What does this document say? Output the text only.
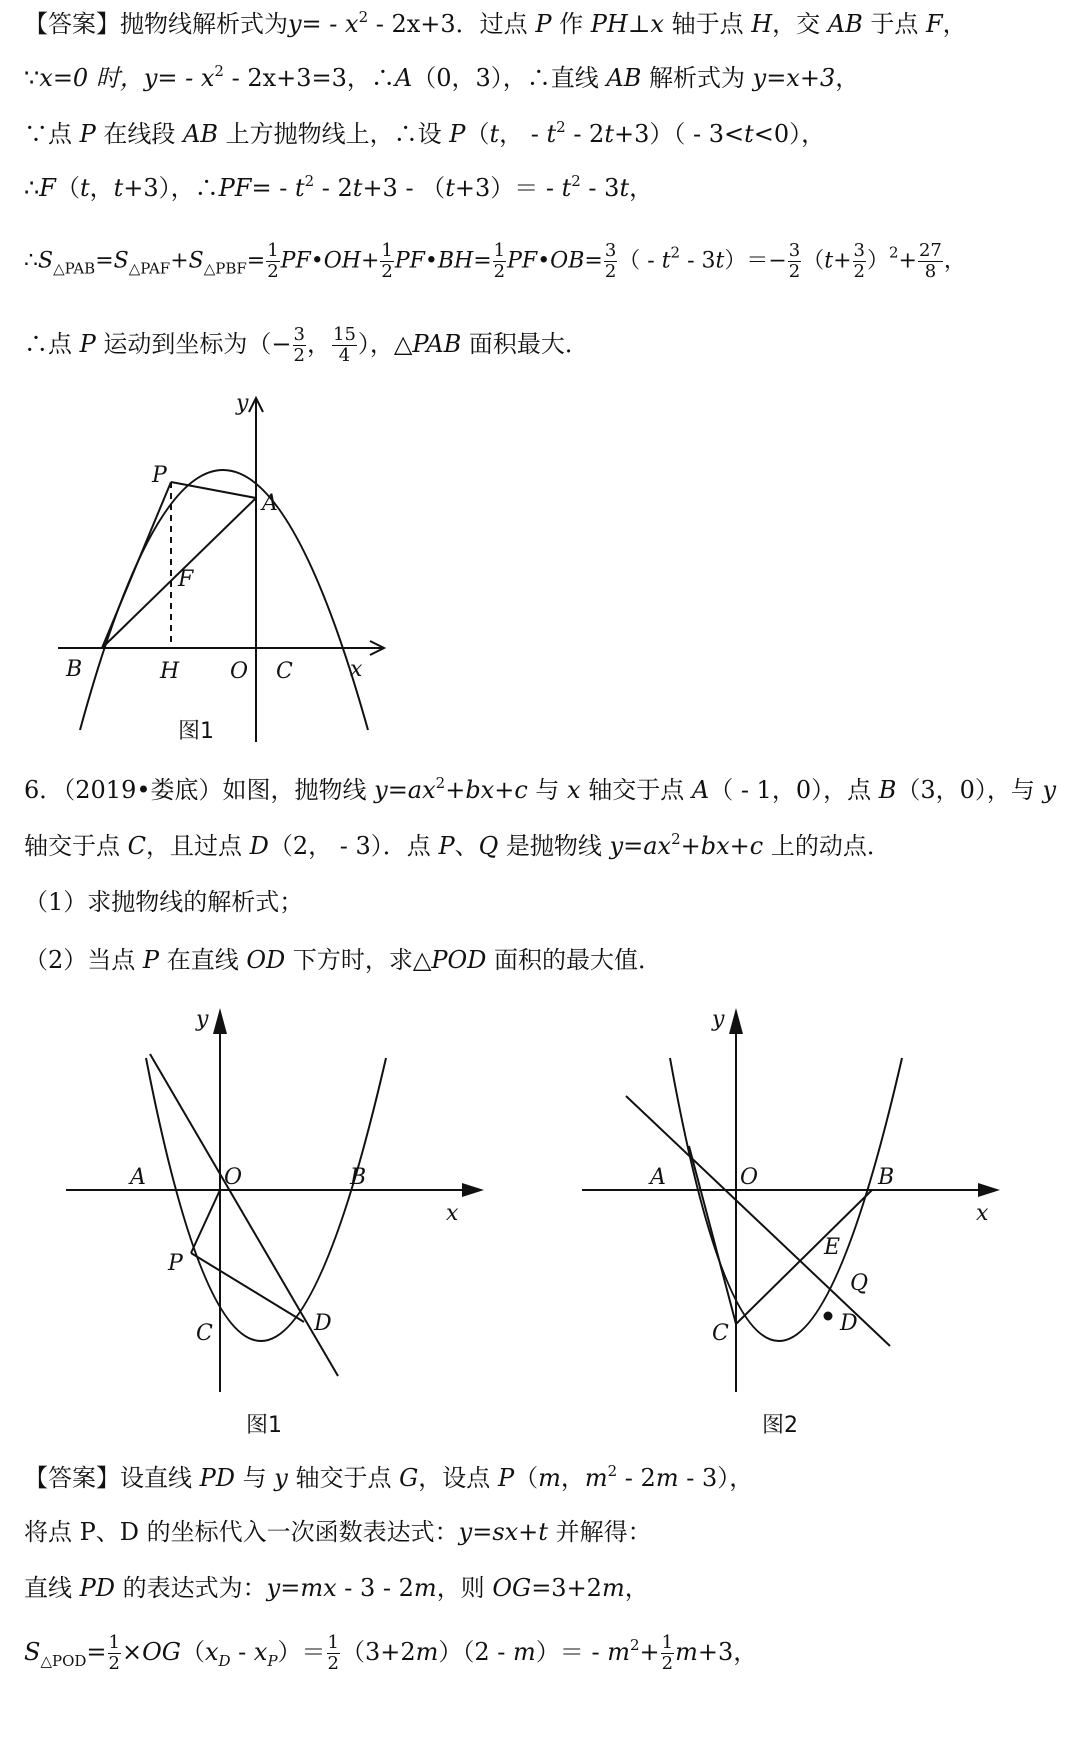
【答案】抛物线解析式为$y= - x^2 - 2x+3$．过点 P 作 PH⊥x 轴于点 H，交 AB 于点 F，
∵x=0 时，$y= - x^2 - 2x+3=3$，∴A（0，3），∴直线 AB 解析式为 y=x+3，
∵点 P 在线段 AB 上方抛物线上，∴设 P（t， - $t^2 - 2t+3)( - 3<t<0)$，
∴F（t，t+3），∴PF= - $t^2 - 2t+3 - (t+3)= - t^2 - 3t$，
$\therefore S_{\triangle PAB}=S_{\triangle PAF}+S_{\triangle PBF}= \frac{1}{2}$ PF•OH+ $\frac{1}{2}$ PF•BH= $\frac{1}{2}$ PF•OB= $\frac{3}{2}$ （ - $t^2 - 3t)=- \frac{3}{2} (t+ \frac{3}{2} )^2+ \frac{27}{8}$ ，
∴点 P 运动到坐标为（− $\frac{3}{2}$ ， $\frac{15}{4}$ ），△PAB 面积最大．
y
P
A
F
B	H O C	x
图1
6．（2019•娄底）如图，抛物线 $y=ax^2+bx+c$ 与 x 轴交于点 A（ - 1，0），点 B（3，0），与 y
轴交于点 C，且过点 D（2， - 3）．点 P、Q 是抛物线 $y=ax^2+bx+c$ 上的动点．
（1）求抛物线的解析式；
（2）当点 P 在直线 OD 下方时，求△POD 面积的最大值．
y
A	O	B
x
P
C	D
图1
y
A	O	B
x
E
Q
C	D
图2
【答案】设直线 PD 与 y 轴交于点 G，设点 P（m，$m^2 - 2m - 3$），
将点 P、D 的坐标代入一次函数表达式：y=sx+t 并解得：
直线 PD 的表达式为：y=mx - 3 - 2m，则 OG=3+2m，
$S_{\triangle POD}= \frac{1}{2} \times OG(x_D - x_P)= \frac{1}{2} (3+2m)(2 - m)= - m^2+ \frac{1}{2} m+3$，
